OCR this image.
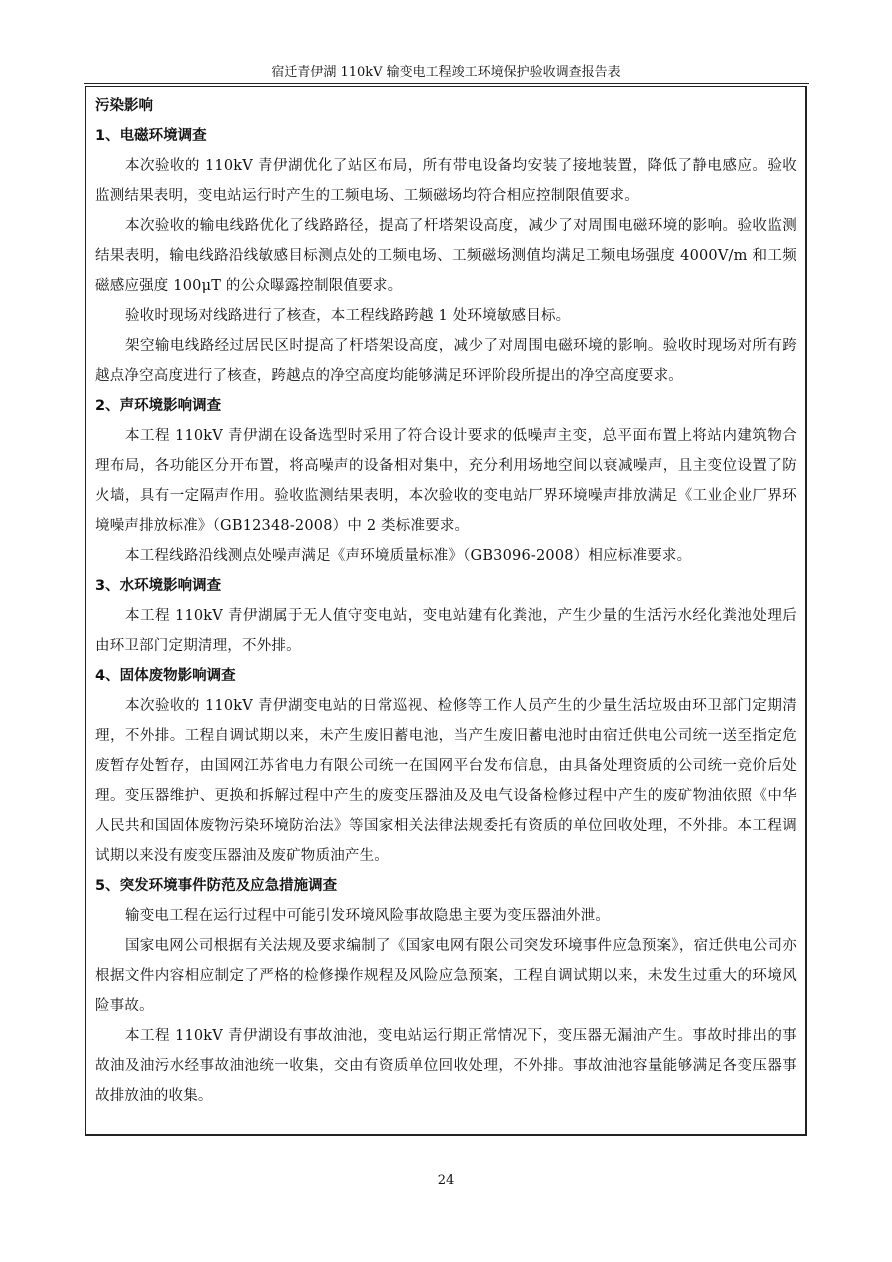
宿迁青伊湖 110kV 输变电工程竣工环境保护验收调查报告表
污染影响
1、电磁环境调查

本次验收的 110kV 青伊湖优化了站区布局，所有带电设备均安装了接地装置，降低了静电感应。验收监测结果表明，变电站运行时产生的工频电场、工频磁场均符合相应控制限值要求。

本次验收的输电线路优化了线路路径，提高了杆塔架设高度，减少了对周围电磁环境的影响。验收监测结果表明，输电线路沿线敏感目标测点处的工频电场、工频磁场测值均满足工频电场强度 4000V/m 和工频磁感应强度 100μT 的公众曝露控制限值要求。

验收时现场对线路进行了核查，本工程线路跨越 1 处环境敏感目标。

架空输电线路经过居民区时提高了杆塔架设高度，减少了对周围电磁环境的影响。验收时现场对所有跨越点净空高度进行了核查，跨越点的净空高度均能够满足环评阶段所提出的净空高度要求。

2、声环境影响调查

本工程 110kV 青伊湖在设备选型时采用了符合设计要求的低噪声主变，总平面布置上将站内建筑物合理布局，各功能区分开布置，将高噪声的设备相对集中，充分利用场地空间以衰减噪声，且主变位设置了防火墙，具有一定隔声作用。验收监测结果表明，本次验收的变电站厂界环境噪声排放满足《工业企业厂界环境噪声排放标准》（GB12348-2008）中 2 类标准要求。

本工程线路沿线测点处噪声满足《声环境质量标准》（GB3096-2008）相应标准要求。

3、水环境影响调查

本工程 110kV 青伊湖属于无人值守变电站，变电站建有化粪池，产生少量的生活污水经化粪池处理后由环卫部门定期清理，不外排。

4、固体废物影响调查

本次验收的 110kV 青伊湖变电站的日常巡视、检修等工作人员产生的少量生活垃圾由环卫部门定期清理，不外排。工程自调试期以来，未产生废旧蓄电池，当产生废旧蓄电池时由宿迁供电公司统一送至指定危废暂存处暂存，由国网江苏省电力有限公司统一在国网平台发布信息，由具备处理资质的公司统一竞价后处理。变压器维护、更换和拆解过程中产生的废变压器油及及电气设备检修过程中产生的废矿物油依照《中华人民共和国固体废物污染环境防治法》等国家相关法律法规委托有资质的单位回收处理，不外排。本工程调试期以来没有废变压器油及废矿物质油产生。

5、突发环境事件防范及应急措施调查

输变电工程在运行过程中可能引发环境风险事故隐患主要为变压器油外泄。

国家电网公司根据有关法规及要求编制了《国家电网有限公司突发环境事件应急预案》，宿迁供电公司亦根据文件内容相应制定了严格的检修操作规程及风险应急预案，工程自调试期以来，未发生过重大的环境风险事故。

本工程 110kV 青伊湖设有事故油池，变电站运行期正常情况下，变压器无漏油产生。事故时排出的事故油及油污水经事故油池统一收集，交由有资质单位回收处理，不外排。事故油池容量能够满足各变压器事故排放油的收集。

24
